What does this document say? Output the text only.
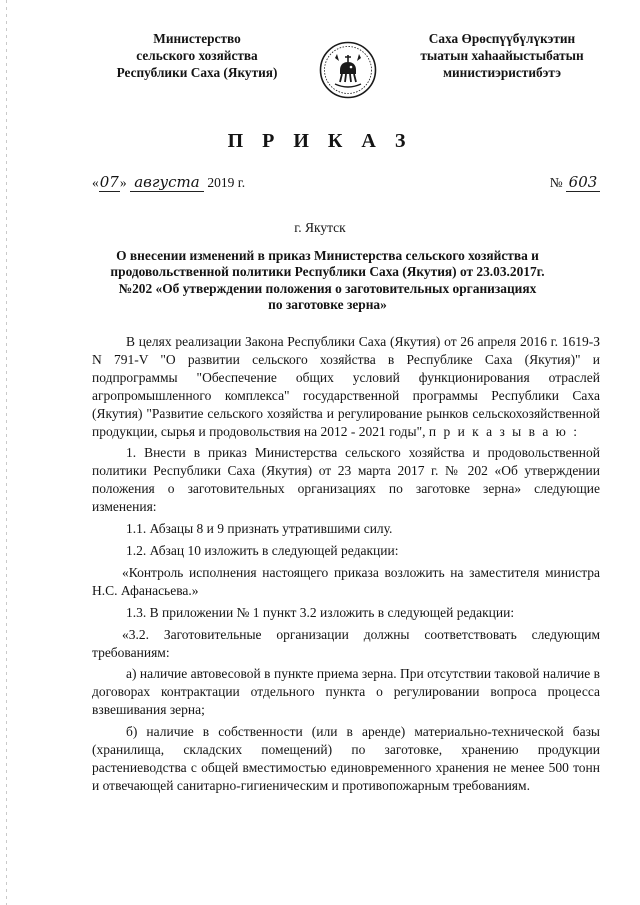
Министерство
сельского хозяйства
Республики Саха (Якутия)
Саха Өрөспүүбүлүкэтин
тыатын хаһаайыстыбатын
министиэристибэтэ
П Р И К А З
«07» августа 2019 г.	№ 603
г. Якутск
О внесении изменений в приказ Министерства сельского хозяйства и продовольственной политики Республики Саха (Якутия) от 23.03.2017г. №202 «Об утверждении положения о заготовительных организациях по заготовке зерна»

В целях реализации Закона Республики Саха (Якутия) от 26 апреля 2016 г. 1619-З N 791-V "О развитии сельского хозяйства в Республике Саха (Якутия)" и подпрограммы "Обеспечение общих условий функционирования отраслей агропромышленного комплекса" государственной программы Республики Саха (Якутия) "Развитие сельского хозяйства и регулирование рынков сельскохозяйственной продукции, сырья и продовольствия на 2012 - 2021 годы", п р и к а з ы в а ю :

1. Внести в приказ Министерства сельского хозяйства и продовольственной политики Республики Саха (Якутия) от 23 марта 2017 г. № 202 «Об утверждении положения о заготовительных организациях по заготовке зерна» следующие изменения:

1.1. Абзацы 8 и 9 признать утратившими силу.

1.2. Абзац 10 изложить в следующей редакции:

«Контроль исполнения настоящего приказа возложить на заместителя министра Н.С. Афанасьева.»

1.3. В приложении № 1 пункт 3.2 изложить в следующей редакции:

«3.2. Заготовительные организации должны соответствовать следующим требованиям:

а) наличие автовесовой в пункте приема зерна. При отсутствии таковой наличие в договорах контрактации отдельного пункта о регулировании вопроса процесса взвешивания зерна;

б) наличие в собственности (или в аренде) материально-технической базы (хранилища, складских помещений) по заготовке, хранению продукции растениеводства с общей вместимостью единовременного хранения не менее 500 тонн и отвечающей санитарно-гигиеническим и противопожарным требованиям.
